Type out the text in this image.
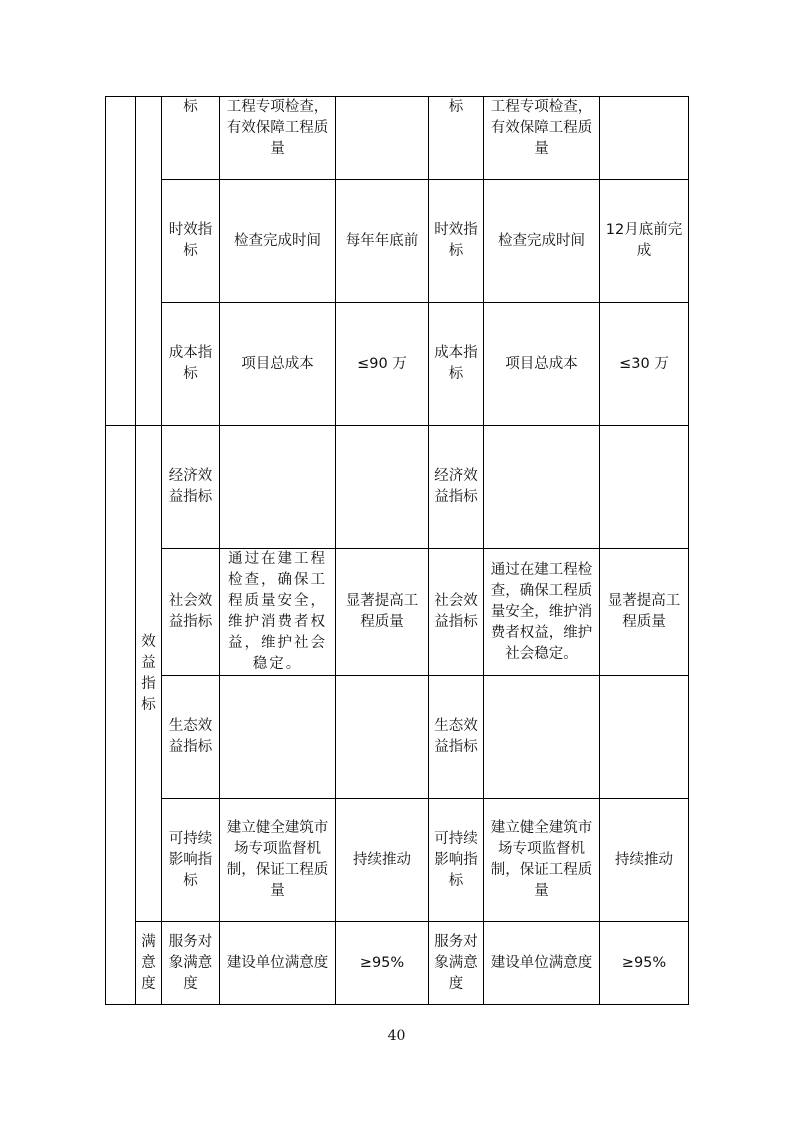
		标	工程专项检查，有效保障工程质量		标	工程专项检查，有效保障工程质量	
		时效指标	检查完成时间	每年年底前	时效指标	检查完成时间	12月底前完成
		成本指标	项目总成本	≤90 万	成本指标	项目总成本	≤30 万
	效益指标	经济效益指标			经济效益指标		
		社会效益指标	通过在建工程检查，确保工程质量安全，维护消费者权益，维护社会稳定。	显著提高工程质量	社会效益指标	通过在建工程检查，确保工程质量安全，维护消费者权益，维护社会稳定。	显著提高工程质量
		生态效益指标			生态效益指标		
		可持续影响指标	建立健全建筑市场专项监督机制，保证工程质量	持续推动	可持续影响指标	建立健全建筑市场专项监督机制，保证工程质量	持续推动
	满意度	服务对象满意度	建设单位满意度	≥95%	服务对象满意度	建设单位满意度	≥95%
40
